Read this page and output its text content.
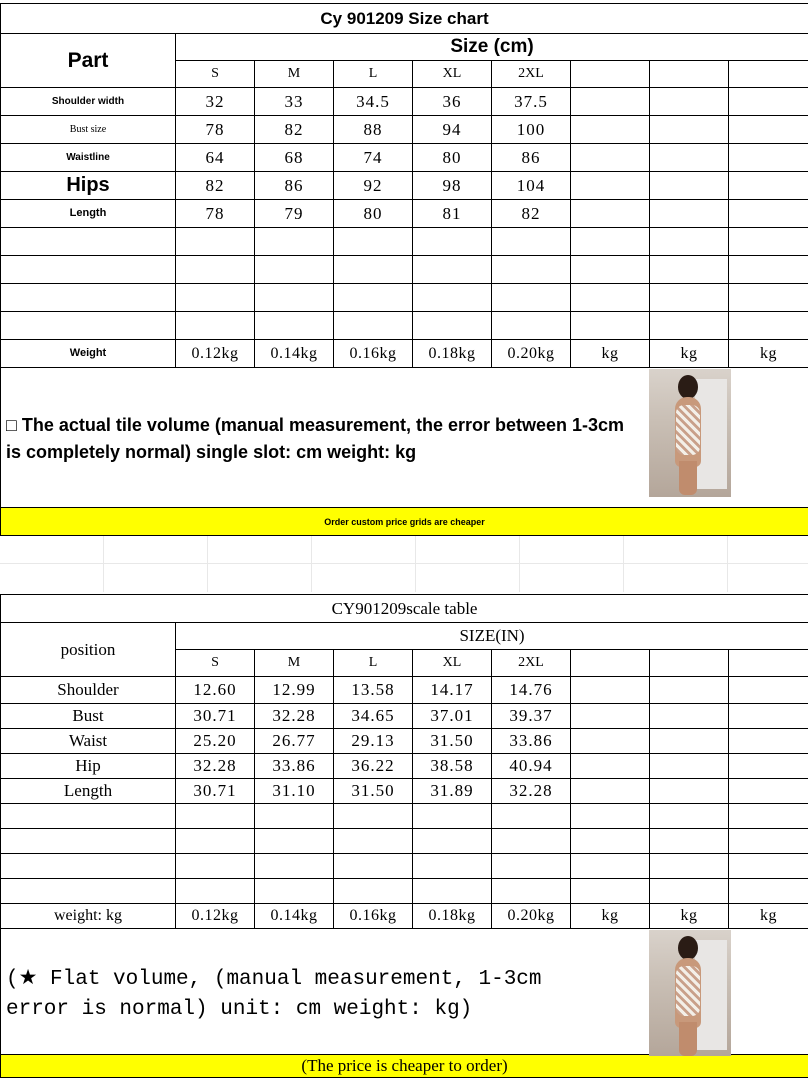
Cy 901209 Size chart								
Part	Size (cm)							
	S	M	L	XL	2XL			
Shoulder width	32	33	34.5	36	37.5			
Bust size	78	82	88	94	100			
Waistline	64	68	74	80	86			
Hips	82	86	92	98	104			
Length	78	79	80	81	82			

Weight	0.12kg	0.14kg	0.16kg	0.18kg	0.20kg	kg	kg	kg

Order custom price grids are cheaper								
□ The actual tile volume (manual measurement, the error between 1-3cm is completely normal) single slot: cm weight: kg
CY901209scale table								
position	SIZE(IN)							
	S	M	L	XL	2XL			
Shoulder	12.60	12.99	13.58	14.17	14.76			
Bust	30.71	32.28	34.65	37.01	39.37			
Waist	25.20	26.77	29.13	31.50	33.86			
Hip	32.28	33.86	36.22	38.58	40.94			
Length	30.71	31.10	31.50	31.89	32.28			

weight: kg	0.12kg	0.14kg	0.16kg	0.18kg	0.20kg	kg	kg	kg

(The price is cheaper to order)								
(★ Flat volume, (manual measurement, 1-3cm
error is normal) unit: cm weight: kg)
